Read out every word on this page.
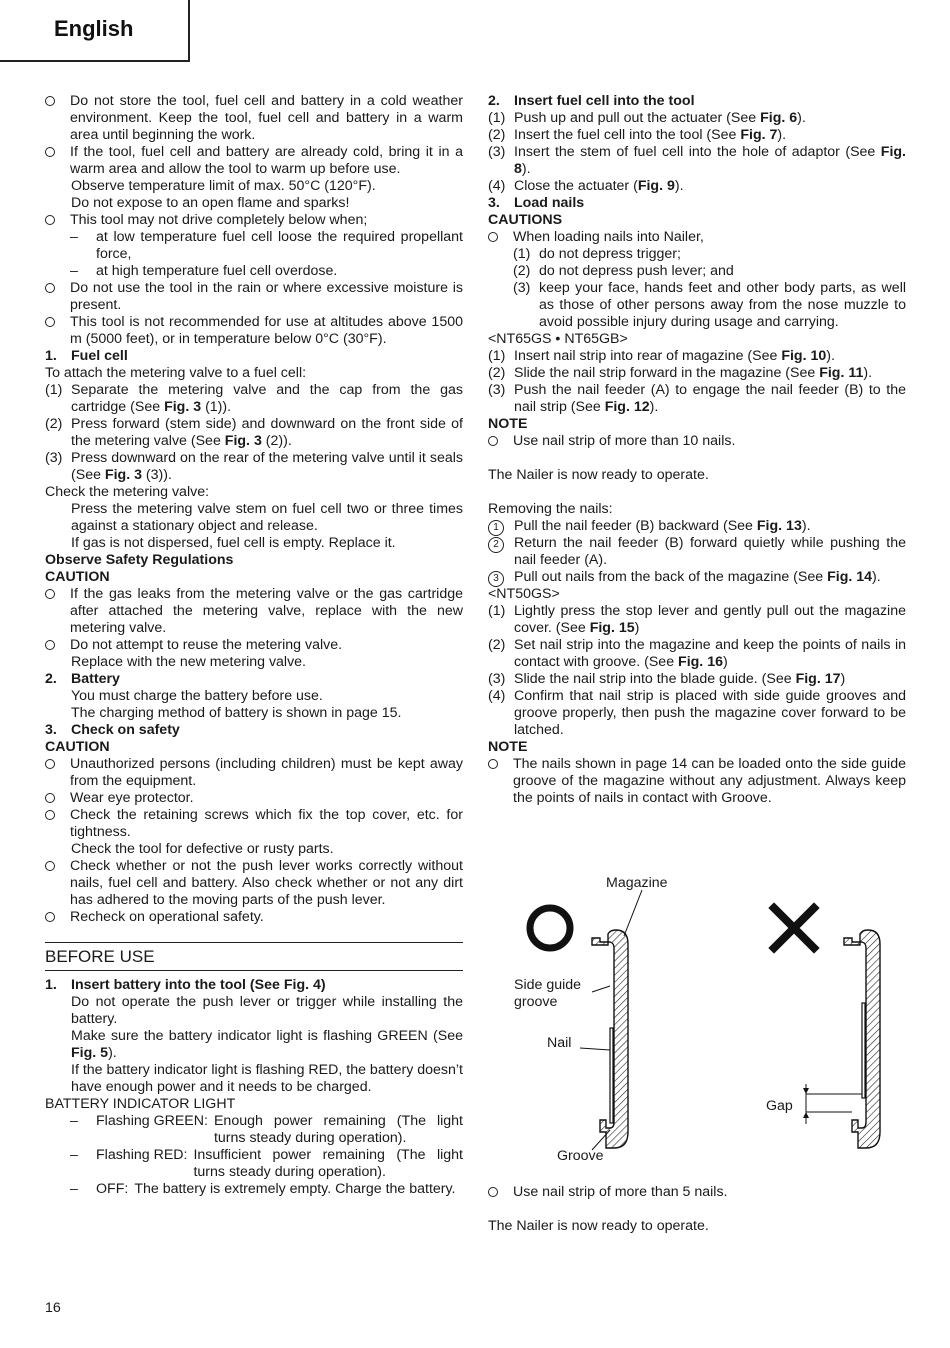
English
Do not store the tool, fuel cell and battery in a cold weather environment. Keep the tool, fuel cell and battery in a warm area until beginning the work.
If the tool, fuel cell and battery are already cold, bring it in a warm area and allow the tool to warm up before use.
Observe temperature limit of max. 50°C (120°F).
Do not expose to an open flame and sparks!
This tool may not drive completely below when;
– at low temperature fuel cell loose the required propellant force,
– at high temperature fuel cell overdose.
Do not use the tool in the rain or where excessive moisture is present.
This tool is not recommended for use at altitudes above 1500 m (5000 feet), or in temperature below 0°C (30°F).
1. Fuel cell
To attach the metering valve to a fuel cell:
(1) Separate the metering valve and the cap from the gas cartridge (See Fig. 3 (1)).
(2) Press forward (stem side) and downward on the front side of the metering valve (See Fig. 3 (2)).
(3) Press downward on the rear of the metering valve until it seals (See Fig. 3 (3)).
Check the metering valve:
Press the metering valve stem on fuel cell two or three times against a stationary object and release.
If gas is not dispersed, fuel cell is empty. Replace it.
Observe Safety Regulations
CAUTION
If the gas leaks from the metering valve or the gas cartridge after attached the metering valve, replace with the new metering valve.
Do not attempt to reuse the metering valve.
Replace with the new metering valve.
2. Battery
You must charge the battery before use.
The charging method of battery is shown in page 15.
3. Check on safety
CAUTION
Unauthorized persons (including children) must be kept away from the equipment.
Wear eye protector.
Check the retaining screws which fix the top cover, etc. for tightness.
Check the tool for defective or rusty parts.
Check whether or not the push lever works correctly without nails, fuel cell and battery. Also check whether or not any dirt has adhered to the moving parts of the push lever.
Recheck on operational safety.
BEFORE USE
1. Insert battery into the tool (See Fig. 4)
Do not operate the push lever or trigger while installing the battery.
Make sure the battery indicator light is flashing GREEN (See Fig. 5).
If the battery indicator light is flashing RED, the battery doesn’t have enough power and it needs to be charged.
BATTERY INDICATOR LIGHT
–	Flashing GREEN: Enough power remaining (The light turns steady during operation).
–	Flashing RED: Insufficient power remaining (The light turns steady during operation).
–	OFF: The battery is extremely empty. Charge the battery.
2. Insert fuel cell into the tool
(1) Push up and pull out the actuater (See Fig. 6).
(2) Insert the fuel cell into the tool (See Fig. 7).
(3) Insert the stem of fuel cell into the hole of adaptor (See Fig. 8).
(4) Close the actuater (Fig. 9).
3. Load nails
CAUTIONS
When loading nails into Nailer,
(1) do not depress trigger;
(2) do not depress push lever; and
(3) keep your face, hands feet and other body parts, as well as those of other persons away from the nose muzzle to avoid possible injury during usage and carrying.
<NT65GS • NT65GB>
(1) Insert nail strip into rear of magazine (See Fig. 10).
(2) Slide the nail strip forward in the magazine (See Fig. 11).
(3) Push the nail feeder (A) to engage the nail feeder (B) to the nail strip (See Fig. 12).
NOTE
Use nail strip of more than 10 nails.
The Nailer is now ready to operate.
Removing the nails:
1	Pull the nail feeder (B) backward (See Fig. 13).
2	Return the nail feeder (B) forward quietly while pushing the nail feeder (A).
3	Pull out nails from the back of the magazine (See Fig. 14).
<NT50GS>
(1) Lightly press the stop lever and gently pull out the magazine cover. (See Fig. 15)
(2) Set nail strip into the magazine and keep the points of nails in contact with groove. (See Fig. 16)
(3) Slide the nail strip into the blade guide. (See Fig. 17)
(4) Confirm that nail strip is placed with side guide grooves and groove properly, then push the magazine cover forward to be latched.
NOTE
The nails shown in page 14 can be loaded onto the side guide groove of the magazine without any adjustment. Always keep the points of nails in contact with Groove.
Magazine
Side guide
groove
Nail
Gap
Groove
Use nail strip of more than 5 nails.
The Nailer is now ready to operate.
16
